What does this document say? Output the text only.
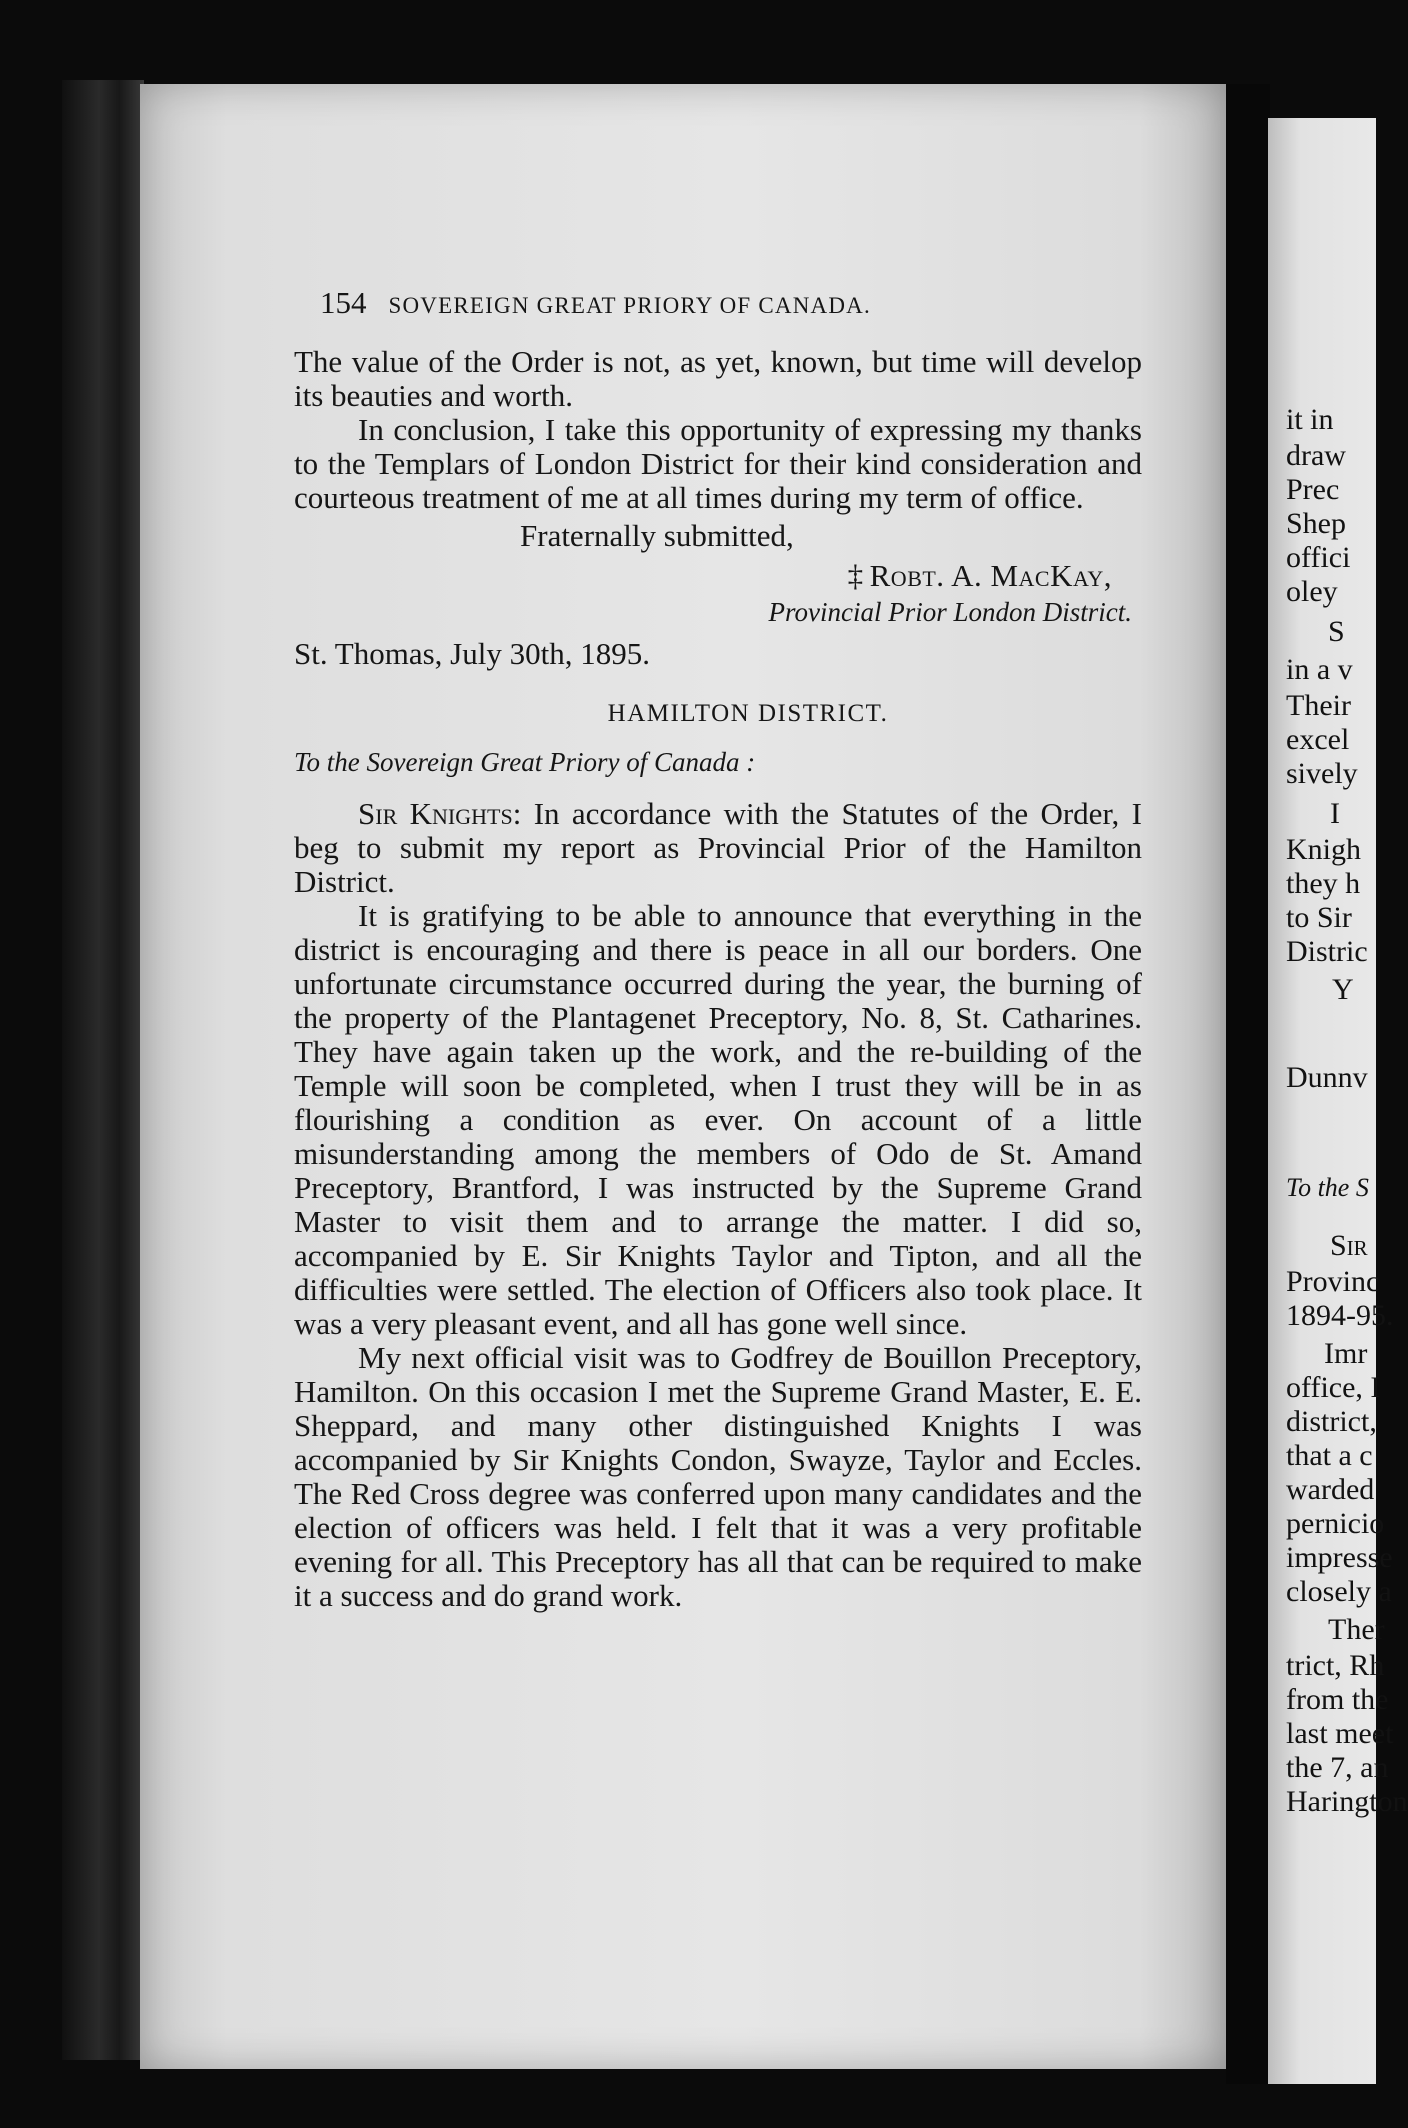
it in
draw
Prec
Shep
offici
oley
S
in a v
Their
excel
sively
I
Knigh
they h
to Sir
Distric
Y
Dunnv
To the S
Sir
Provinc
1894-95.
Imr
office, I
district,
that a c
warded
pernicio
impresse
closely a
Ther
trict, Rh
from the
last meet
the 7, an
Harington
154 SOVEREIGN GREAT PRIORY OF CANADA.

The value of the Order is not, as yet, known, but time will develop its beauties and worth.

In conclusion, I take this opportunity of expressing my thanks to the Templars of London District for their kind consideration and courteous treatment of me at all times during my term of office.

Fraternally submitted,

‡ Robt. A. MacKay,

Provincial Prior London District.

St. Thomas, July 30th, 1895.

HAMILTON DISTRICT.

To the Sovereign Great Priory of Canada :

Sir Knights: In accordance with the Statutes of the Order, I beg to submit my report as Provincial Prior of the Hamilton District.

It is gratifying to be able to announce that everything in the district is encouraging and there is peace in all our borders. One unfortunate circumstance occurred during the year, the burning of the property of the Plantagenet Preceptory, No. 8, St. Catharines. They have again taken up the work, and the re-building of the Temple will soon be completed, when I trust they will be in as flourishing a condition as ever. On account of a little misunderstanding among the members of Odo de St. Amand Preceptory, Brantford, I was instructed by the Supreme Grand Master to visit them and to arrange the matter. I did so, accompanied by E. Sir Knights Taylor and Tipton, and all the difficulties were settled. The election of Officers also took place. It was a very pleasant event, and all has gone well since.

My next official visit was to Godfrey de Bouillon Preceptory, Hamilton. On this occasion I met the Supreme Grand Master, E. E. Sheppard, and many other distinguished Knights I was accompanied by Sir Knights Condon, Swayze, Taylor and Eccles. The Red Cross degree was conferred upon many candidates and the election of officers was held. I felt that it was a very profitable evening for all. This Preceptory has all that can be required to make it a success and do grand work.
